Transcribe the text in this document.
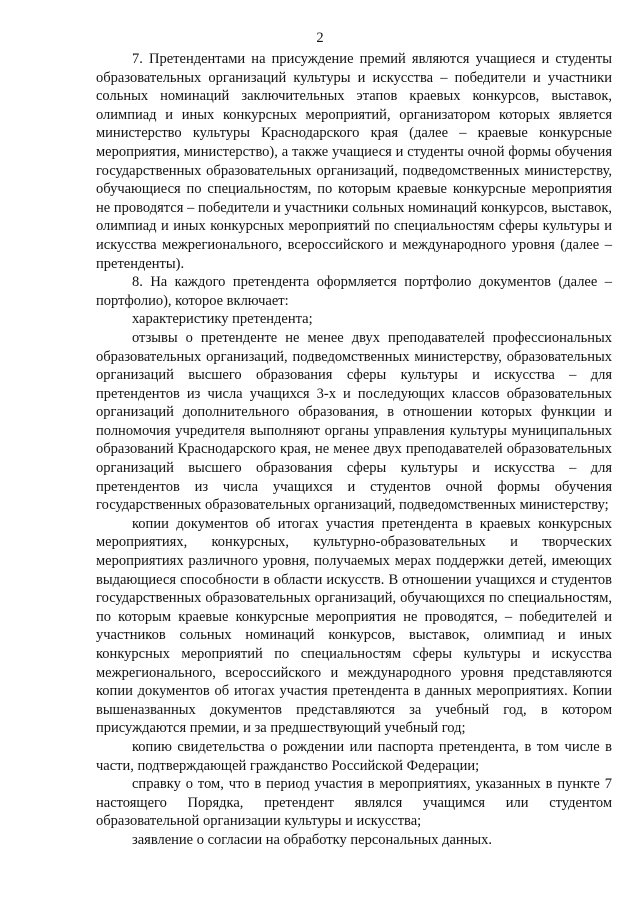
2

7. Претендентами на присуждение премий являются учащиеся и студенты образовательных организаций культуры и искусства – победители и участники сольных номинаций заключительных этапов краевых конкурсов, выставок, олимпиад и иных конкурсных мероприятий, организатором которых является министерство культуры Краснодарского края (далее – краевые конкурсные мероприятия, министерство), а также учащиеся и студенты очной формы обучения государственных образовательных организаций, подведомственных министерству, обучающиеся по специальностям, по которым краевые конкурсные мероприятия не проводятся – победители и участники сольных номинаций конкурсов, выставок, олимпиад и иных конкурсных мероприятий по специальностям сферы культуры и искусства межрегионального, всероссийского и международного уровня (далее – претенденты).

8. На каждого претендента оформляется портфолио документов (далее – портфолио), которое включает:

характеристику претендента;

отзывы о претенденте не менее двух преподавателей профессиональных образовательных организаций, подведомственных министерству, образовательных организаций высшего образования сферы культуры и искусства – для претендентов из числа учащихся 3-х и последующих классов образовательных организаций дополнительного образования, в отношении которых функции и полномочия учредителя выполняют органы управления культуры муниципальных образований Краснодарского края, не менее двух преподавателей образовательных организаций высшего образования сферы культуры и искусства – для претендентов из числа учащихся и студентов очной формы обучения государственных образовательных организаций, подведомственных министерству;

копии документов об итогах участия претендента в краевых конкурсных мероприятиях, конкурсных, культурно-образовательных и творческих мероприятиях различного уровня, получаемых мерах поддержки детей, имеющих выдающиеся способности в области искусств. В отношении учащихся и студентов государственных образовательных организаций, обучающихся по специальностям, по которым краевые конкурсные мероприятия не проводятся, – победителей и участников сольных номинаций конкурсов, выставок, олимпиад и иных конкурсных мероприятий по специальностям сферы культуры и искусства межрегионального, всероссийского и международного уровня представляются копии документов об итогах участия претендента в данных мероприятиях. Копии вышеназванных документов представляются за учебный год, в котором присуждаются премии, и за предшествующий учебный год;

копию свидетельства о рождении или паспорта претендента, в том числе в части, подтверждающей гражданство Российской Федерации;

справку о том, что в период участия в мероприятиях, указанных в пункте 7 настоящего Порядка, претендент являлся учащимся или студентом образовательной организации культуры и искусства;

заявление о согласии на обработку персональных данных.
